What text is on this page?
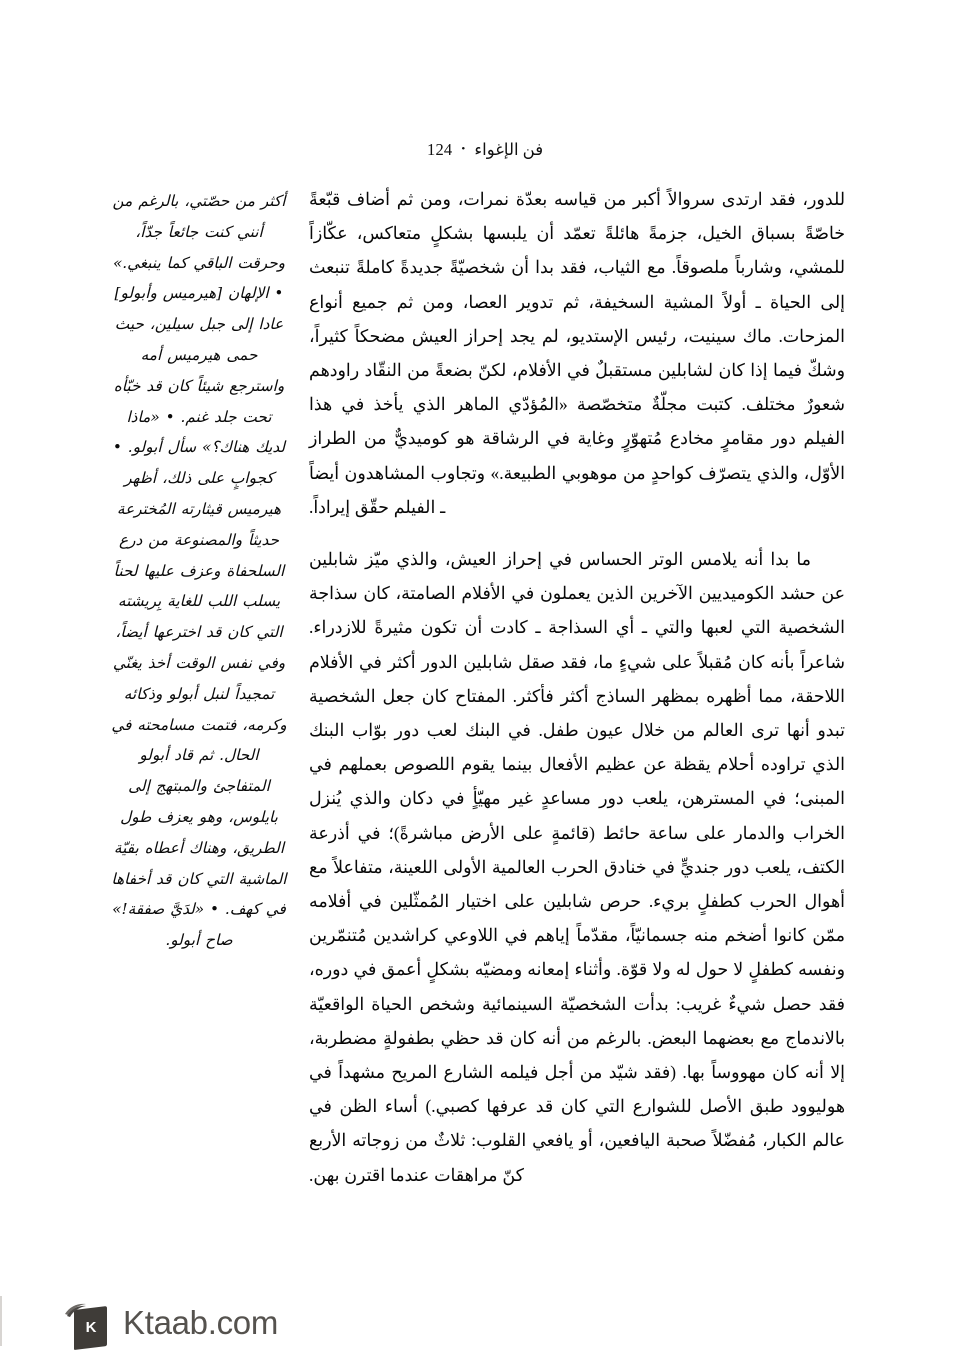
124 • فن الإغواء

للدور، فقد ارتدى سروالاً أكبر من قياسه بعدّة نمرات، ومن ثم أضاف قبّعةً خاصّةً بسباق الخيل، جزمةً هائلةً تعمّد أن يلبسها بشكلٍ متعاكس، عكّازاً للمشي، وشارباً ملصوقاً. مع الثياب، فقد بدا أن شخصيّةً جديدةً كاملةً تنبعث إلى الحياة ـ أولاً المشية السخيفة، ثم تدوير العصا، ومن ثم جميع أنواع المزحات. ماك سينيت، رئيس الإستديو، لم يجد إحراز العيش مضحكاً كثيراً، وشكّ فيما إذا كان لشابلين مستقبلٌ في الأفلام، لكنّ بضعةً من النقّاد راودهم شعورٌ مختلف. كتبت مجلّةٌ متخصّصة «المُؤدّي الماهر الذي يأخذ في هذا الفيلم دور مقامرٍ مخادع مُتهوّرٍ وغاية في الرشاقة هو كوميديٌّ من الطراز الأوّل، والذي يتصرّف كواحدٍ من موهوبي الطبيعة.» وتجاوب المشاهدون أيضاً ـ الفيلم حقّق إيراداً.

ما بدا أنه يلامس الوتر الحساس في إحراز العيش، والذي ميّز شابلين عن حشد الكوميديين الآخرين الذين يعملون في الأفلام الصامتة، كان سذاجة الشخصية التي لعبها والتي ـ أي السذاجة ـ كادت أن تكون مثيرةً للازدراء. شاعراً بأنه كان مُقبلاً على شيءٍ ما، فقد صقل شابلين الدور أكثر في الأفلام اللاحقة، مما أظهره بمظهر الساذج أكثر فأكثر. المفتاح كان جعل الشخصية تبدو أنها ترى العالم من خلال عيون طفل. في البنك لعب دور بوّاب البنك الذي تراوده أحلام يقظة عن عظيم الأفعال بينما يقوم اللصوص بعملهم في المبنى؛ في المسترهن، يلعب دور مساعدٍ غير مهيّأٍ في دكان والذي يُنزل الخراب والدمار على ساعة حائط (قائمةٍ على الأرض مباشرةً)؛ في أذرعة الكتف، يلعب دور جنديٍّ في خنادق الحرب العالمية الأولى اللعينة، متفاعلاً مع أهوال الحرب كطفلٍ بريء. حرص شابلين على اختيار المُمثّلين في أفلامه ممّن كانوا أضخم منه جسمانيّاً، مقدّماً إياهم في اللاوعي كراشدين مُتنمّرين ونفسه كطفلٍ لا حول له ولا قوّة. وأثناء إمعانه ومضيّه بشكلٍ أعمق في دوره، فقد حصل شيءٌ غريب: بدأت الشخصيّة السينمائية وشخص الحياة الواقعيّة بالاندماج مع بعضهما البعض. بالرغم من أنه كان قد حظي بطفولةٍ مضطربة، إلا أنه كان مهووساً بها. (فقد شيّد من أجل فيلمه الشارع المريح مشهداً في هوليوود طبق الأصل للشوارع التي كان قد عرفها كصبي.) أساء الظن في عالم الكبار، مُفضّلاً صحبة اليافعين، أو يافعي القلوب: ثلاثٌ من زوجاته الأربع كنّ مراهقات عندما اقترن بهن.

أكثر من حصّتي، بالرغم من أنني كنت جائعاً جدّاً، وحرقت الباقي كما ينبغي.» • الإلهان [هيرميس وأبولو] عادا إلى جبل سيلين، حيث حمى هيرميس أمه واسترجع شيئاً كان قد خبّأه تحت جلد غنم. • «ماذا لديك هناك؟» سأل أبولو. • كجوابٍ على ذلك، أظهر هيرميس قيثارته المُخترعة حديثاً والمصنوعة من درع السلحفاة وعزف عليها لحناً يسلب اللب للغاية بِريشته التي كان قد اخترعها أيضاً، وفي نفس الوقت أخذ يغنّي تمجيداً لنبل أبولو وذكائه وكرمه، فتمت مسامحته في الحال. ثم قاد أبولو المتفاجئ والمبتهج إلى بايلوس، وهو يعزف طول الطريق، وهناك أعطاه بقيّة الماشية التي كان قد أخفاها في كهف. • «لدَيَّ صفقة!» صاح أبولو.

K Ktaab.com
